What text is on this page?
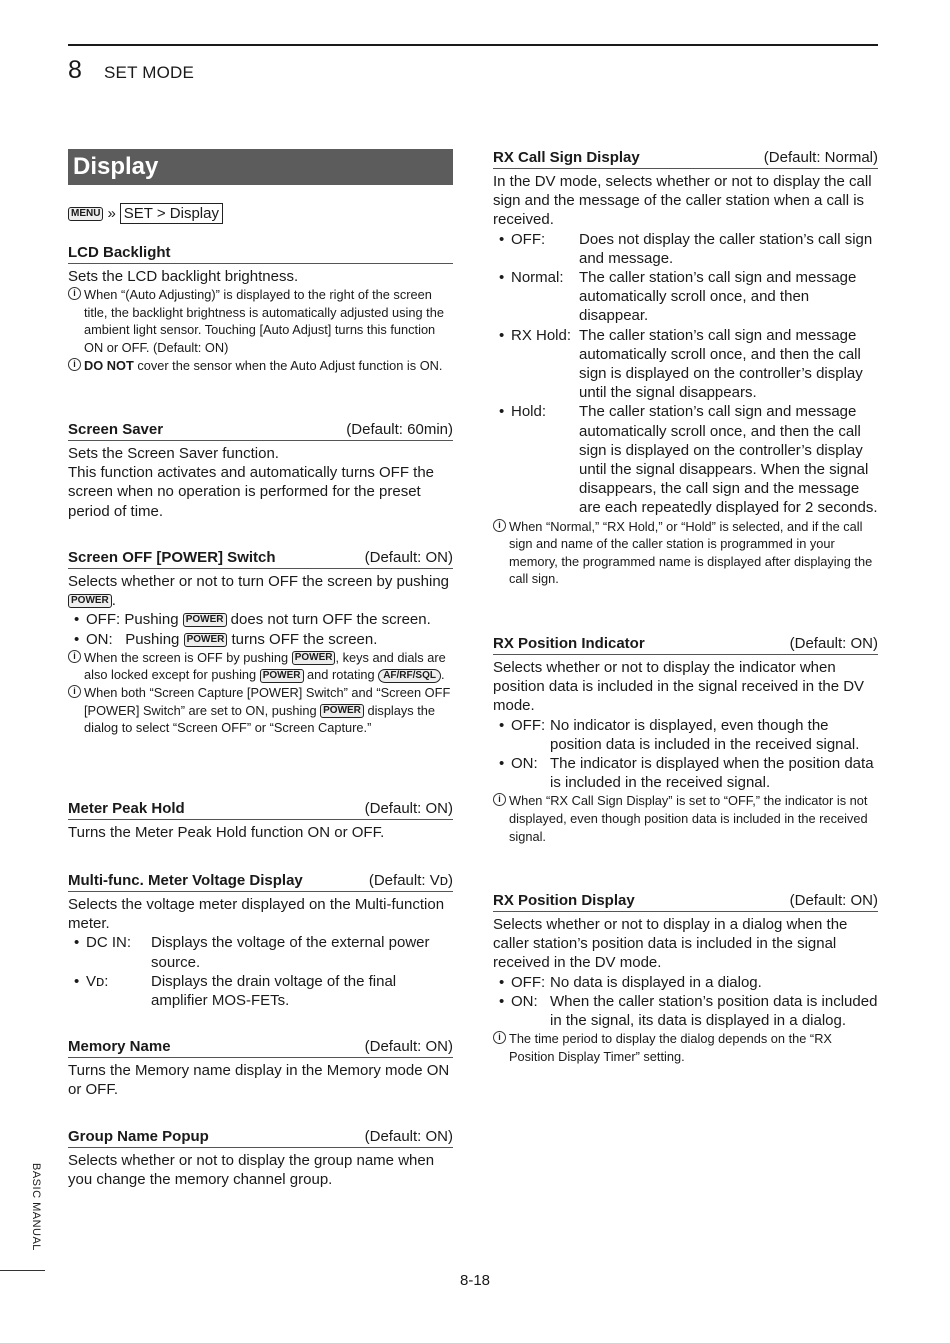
8 SET MODE
Display
MENU » SET > Display
LCD Backlight
Sets the LCD backlight brightness.
i When “(Auto Adjusting)” is displayed to the right of the screen title, the backlight brightness is automatically adjusted using the ambient light sensor. Touching [Auto Adjust] turns this function ON or OFF. (Default: ON)
i DO NOT cover the sensor when the Auto Adjust function is ON.
Screen Saver	(Default: 60min)
Sets the Screen Saver function.
This function activates and automatically turns OFF the screen when no operation is performed for the preset period of time.
Screen OFF [POWER] Switch	(Default: ON)
Selects whether or not to turn OFF the screen by pushing POWER .
• OFF: Pushing POWER does not turn OFF the screen.
• ON: Pushing POWER turns OFF the screen.
i When the screen is OFF by pushing POWER , keys and dials are also locked except for pushing POWER and rotating AF/RF/SQL .
i When both “Screen Capture [POWER] Switch” and “Screen OFF [POWER] Switch” are set to ON, pushing POWER displays the dialog to select “Screen OFF” or “Screen Capture.”
Meter Peak Hold	(Default: ON)
Turns the Meter Peak Hold function ON or OFF.
Multi-func. Meter Voltage Display	(Default: Vᴅ)
Selects the voltage meter displayed on the Multi-function meter.
• DC IN:	Displays the voltage of the external power source.
• Vᴅ:	Displays the drain voltage of the final amplifier MOS-FETs.
Memory Name	(Default: ON)
Turns the Memory name display in the Memory mode ON or OFF.
Group Name Popup	(Default: ON)
Selects whether or not to display the group name when you change the memory channel group.
RX Call Sign Display	(Default: Normal)
In the DV mode, selects whether or not to display the call sign and the message of the caller station when a call is received.
• OFF:	Does not display the caller station’s call sign and message.
• Normal:	The caller station’s call sign and message automatically scroll once, and then disappear.
• RX Hold: The caller station’s call sign and message automatically scroll once, and then the call sign is displayed on the controller’s display until the signal disappears.
• Hold:	The caller station’s call sign and message automatically scroll once, and then the call sign is displayed on the controller’s display until the signal disappears. When the signal disappears, the call sign and the message are each repeatedly displayed for 2 seconds.
i When “Normal,” “RX Hold,” or “Hold” is selected, and if the call sign and name of the caller station is programmed in your memory, the programmed name is displayed after displaying the call sign.
RX Position Indicator	(Default: ON)
Selects whether or not to display the indicator when position data is included in the signal received in the DV mode.
• OFF: No indicator is displayed, even though the position data is included in the received signal.
• ON: The indicator is displayed when the position data is included in the received signal.
i When “RX Call Sign Display” is set to “OFF,” the indicator is not displayed, even though position data is included in the received signal.
RX Position Display	(Default: ON)
Selects whether or not to display in a dialog when the caller station’s position data is included in the signal received in the DV mode.
• OFF: No data is displayed in a dialog.
• ON: When the caller station’s position data is included in the signal, its data is displayed in a dialog.
i The time period to display the dialog depends on the “RX Position Display Timer” setting.
BASIC MANUAL
8-18
